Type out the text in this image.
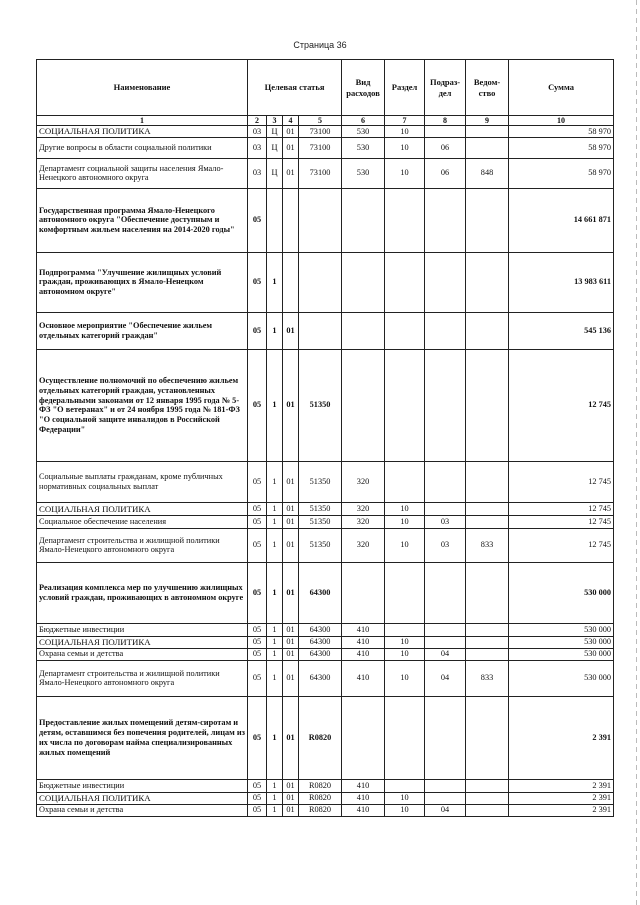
Страница 36
Наименование	Целевая статья				Вид расходов	Раздел	Подраз-дел	Ведом-ство	Сумма
1	2	3	4	5	6	7	8	9	10
СОЦИАЛЬНАЯ ПОЛИТИКА	03	Ц	01	73100	530	10			58 970
Другие вопросы в области социальной политики	03	Ц	01	73100	530	10	06		58 970
Департамент социальной защиты населения Ямало-Ненецкого автономного округа	03	Ц	01	73100	530	10	06	848	58 970
Государственная программа Ямало-Ненецкого автономного округа "Обеспечение доступным и комфортным жильем населения на 2014-2020 годы"	05								14 661 871
Подпрограмма "Улучшение жилищных условий граждан, проживающих в Ямало-Ненецком автономном округе"	05	1							13 983 611
Основное мероприятие "Обеспечение жильем отдельных категорий граждан"	05	1	01						545 136
Осуществление полномочий по обеспечению жильем отдельных категорий граждан, установленных федеральными законами от 12 января 1995 года № 5-ФЗ "О ветеранах" и от 24 ноября 1995 года № 181-ФЗ "О социальной защите инвалидов в Российской Федерации"	05	1	01	51350					12 745
Социальные выплаты гражданам, кроме публичных нормативных социальных выплат	05	1	01	51350	320				12 745
СОЦИАЛЬНАЯ ПОЛИТИКА	05	1	01	51350	320	10			12 745
Социальное обеспечение населения	05	1	01	51350	320	10	03		12 745
Департамент строительства и жилищной политики Ямало-Ненецкого автономного округа	05	1	01	51350	320	10	03	833	12 745
Реализация комплекса мер по улучшению жилищных условий граждан, проживающих в автономном округе	05	1	01	64300					530 000
Бюджетные инвестиции	05	1	01	64300	410				530 000
СОЦИАЛЬНАЯ ПОЛИТИКА	05	1	01	64300	410	10			530 000
Охрана семьи и детства	05	1	01	64300	410	10	04		530 000
Департамент строительства и жилищной политики Ямало-Ненецкого автономного округа	05	1	01	64300	410	10	04	833	530 000
Предоставление жилых помещений детям-сиротам и детям, оставшимся без попечения родителей, лицам из их числа по договорам найма специализированных жилых помещений	05	1	01	R0820					2 391
Бюджетные инвестиции	05	1	01	R0820	410				2 391
СОЦИАЛЬНАЯ ПОЛИТИКА	05	1	01	R0820	410	10			2 391
Охрана семьи и детства	05	1	01	R0820	410	10	04		2 391
